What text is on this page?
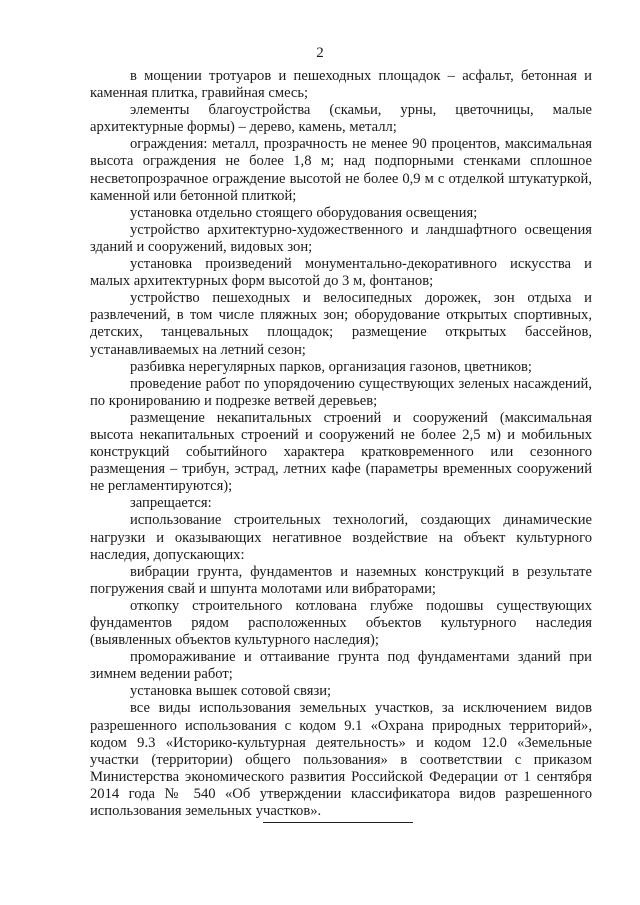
2

в мощении тротуаров и пешеходных площадок – асфальт, бетонная и каменная плитка, гравийная смесь;

элементы благоустройства (скамьи, урны, цветочницы, малые архитектурные формы) – дерево, камень, металл;

ограждения: металл, прозрачность не менее 90 процентов, максимальная высота ограждения не более 1,8 м; над подпорными стенками сплошное несветопрозрачное ограждение высотой не более 0,9 м с отделкой штукатуркой, каменной или бетонной плиткой;

установка отдельно стоящего оборудования освещения;

устройство архитектурно-художественного и ландшафтного освещения зданий и сооружений, видовых зон;

установка произведений монументально-декоративного искусства и малых архитектурных форм высотой до 3 м, фонтанов;

устройство пешеходных и велосипедных дорожек, зон отдыха и развлечений, в том числе пляжных зон; оборудование открытых спортивных, детских, танцевальных площадок; размещение открытых бассейнов, устанавливаемых на летний сезон;

разбивка нерегулярных парков, организация газонов, цветников;

проведение работ по упорядочению существующих зеленых насаждений, по кронированию и подрезке ветвей деревьев;

размещение некапитальных строений и сооружений (максимальная высота некапитальных строений и сооружений не более 2,5 м) и мобильных конструкций событийного характера кратковременного или сезонного размещения – трибун, эстрад, летних кафе (параметры временных сооружений не регламентируются);

запрещается:

использование строительных технологий, создающих динамические нагрузки и оказывающих негативное воздействие на объект культурного наследия, допускающих:

вибрации грунта, фундаментов и наземных конструкций в результате погружения свай и шпунта молотами или вибраторами;

откопку строительного котлована глубже подошвы существующих фундаментов рядом расположенных объектов культурного наследия (выявленных объектов культурного наследия);

промораживание и оттаивание грунта под фундаментами зданий при зимнем ведении работ;

установка вышек сотовой связи;

все виды использования земельных участков, за исключением видов разрешенного использования с кодом 9.1 «Охрана природных территорий», кодом 9.3 «Историко-культурная деятельность» и кодом 12.0 «Земельные участки (территории) общего пользования» в соответствии с приказом Министерства экономического развития Российской Федерации от 1 сентября 2014 года № 540 «Об утверждении классификатора видов разрешенного использования земельных участков».
